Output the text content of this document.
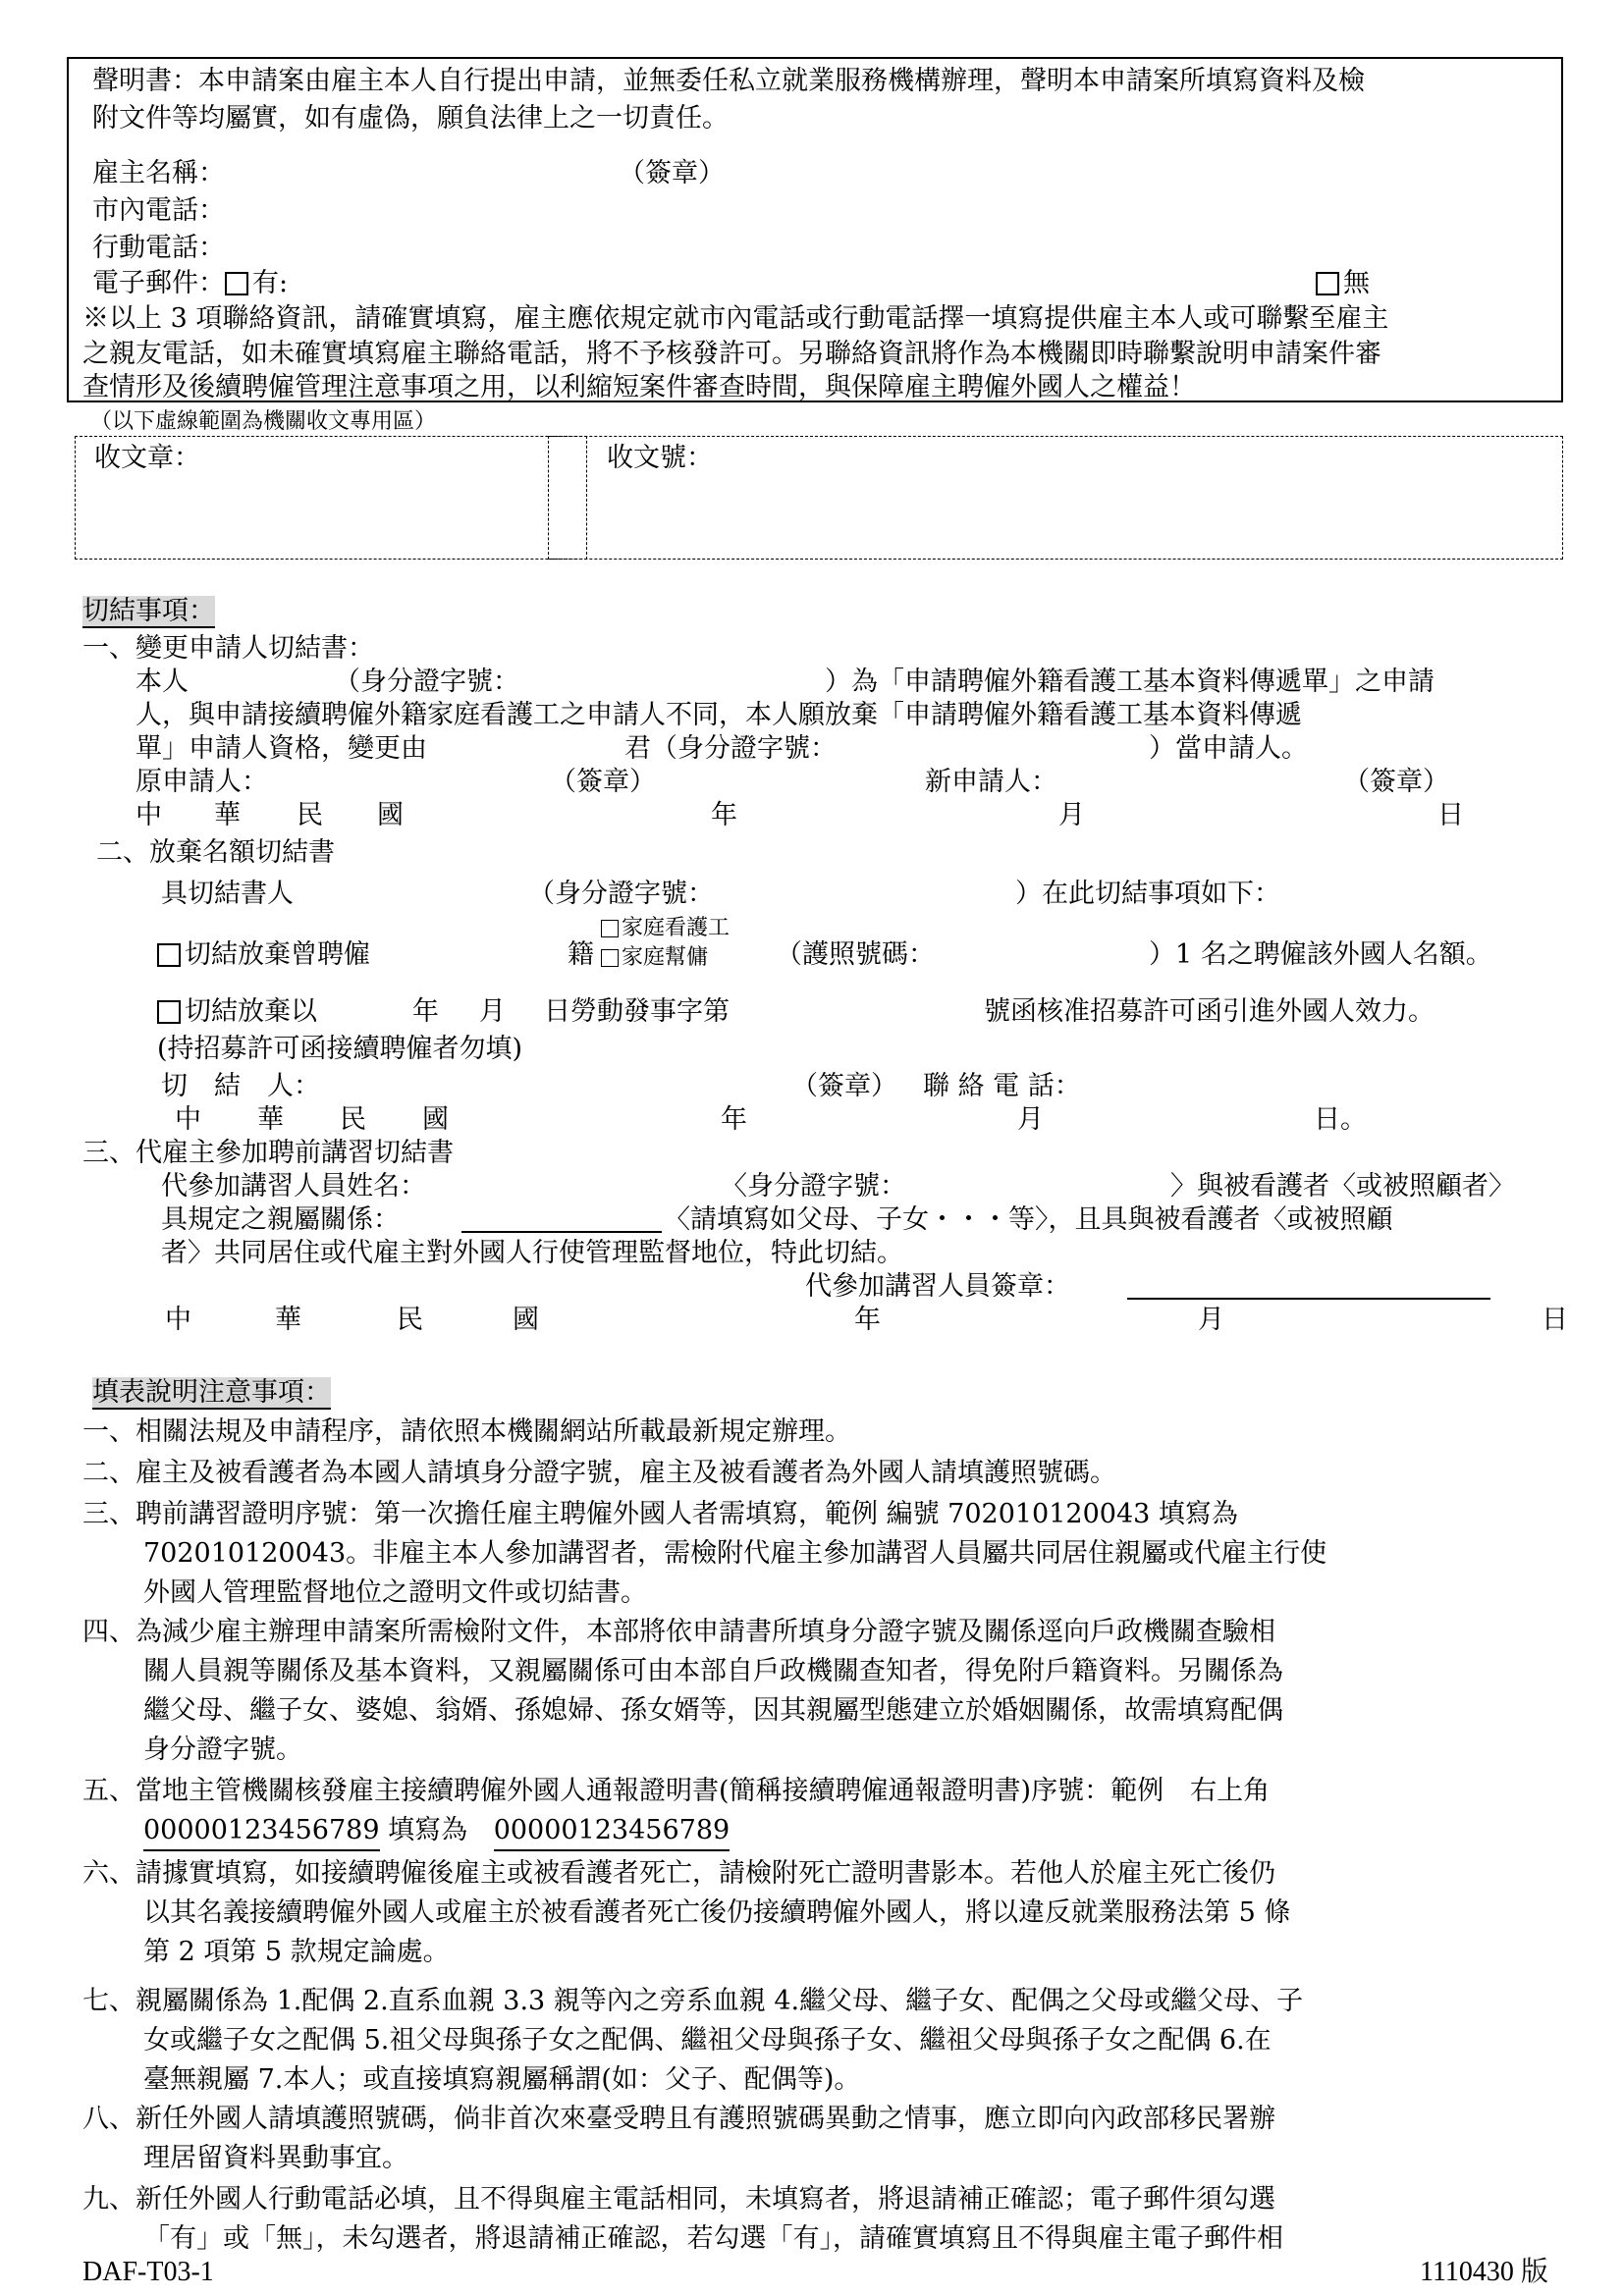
聲明書：本申請案由雇主本人自行提出申請，並無委任私立就業服務機構辦理，聲明本申請案所填寫資料及檢
附文件等均屬實，如有虛偽，願負法律上之一切責任。
雇主名稱：	（簽章）
市內電話：
行動電話：
電子郵件： 有:	無
※以上 3 項聯絡資訊，請確實填寫，雇主應依規定就市內電話或行動電話擇一填寫提供雇主本人或可聯繫至雇主
之親友電話，如未確實填寫雇主聯絡電話，將不予核發許可。另聯絡資訊將作為本機關即時聯繫說明申請案件審
查情形及後續聘僱管理注意事項之用，以利縮短案件審查時間，與保障雇主聘僱外國人之權益！
（以下虛線範圍為機關收文專用區）
收文章：	收文號：
切結事項：
一、變更申請人切結書：
本人	（身分證字號：	）為「申請聘僱外籍看護工基本資料傳遞單」之申請
人，與申請接續聘僱外籍家庭看護工之申請人不同，本人願放棄「申請聘僱外籍看護工基本資料傳遞
單」申請人資格，變更由	君（身分證字號：	）當申請人。
原申請人：	（簽章）	新申請人：	（簽章）
中 華 民 國	年	月	日
二、放棄名額切結書
具切結書人	（身分證字號：	）在此切結事項如下：
切結放棄曾聘僱	籍
家庭看護工
家庭幫傭	（護照號碼：	）1 名之聘僱該外國人名額。
切結放棄以	年 月 日勞動發事字第	號函核准招募許可函引進外國人效力。
(持招募許可函接續聘僱者勿填)
切　結　人：	（簽章） 聯 絡 電 話：
中 華 民 國	年	月	日。
三、代雇主參加聘前講習切結書
代參加講習人員姓名：	〈身分證字號：	〉與被看護者〈或被照顧者〉
具規定之親屬關係：	〈請填寫如父母、子女・・・等〉，且具與被看護者〈或被照顧
者〉共同居住或代雇主對外國人行使管理監督地位，特此切結。
代參加講習人員簽章：
中	華	民	國	年	月	日
填表說明注意事項：
一、相關法規及申請程序，請依照本機關網站所載最新規定辦理。
二、雇主及被看護者為本國人請填身分證字號，雇主及被看護者為外國人請填護照號碼。
三、聘前講習證明序號：第一次擔任雇主聘僱外國人者需填寫，範例 編號 702010120043 填寫為
702010120043。非雇主本人參加講習者，需檢附代雇主參加講習人員屬共同居住親屬或代雇主行使
外國人管理監督地位之證明文件或切結書。
四、為減少雇主辦理申請案所需檢附文件，本部將依申請書所填身分證字號及關係逕向戶政機關查驗相
關人員親等關係及基本資料，又親屬關係可由本部自戶政機關查知者，得免附戶籍資料。另關係為
繼父母、繼子女、婆媳、翁婿、孫媳婦、孫女婿等，因其親屬型態建立於婚姻關係，故需填寫配偶
身分證字號。
五、當地主管機關核發雇主接續聘僱外國人通報證明書(簡稱接續聘僱通報證明書)序號：範例　右上角
00000123456789 填寫為 00000123456789
六、請據實填寫，如接續聘僱後雇主或被看護者死亡，請檢附死亡證明書影本。若他人於雇主死亡後仍
以其名義接續聘僱外國人或雇主於被看護者死亡後仍接續聘僱外國人，將以違反就業服務法第 5 條
第 2 項第 5 款規定論處。
七、親屬關係為 1.配偶 2.直系血親 3.3 親等內之旁系血親 4.繼父母、繼子女、配偶之父母或繼父母、子
女或繼子女之配偶 5.祖父母與孫子女之配偶、繼祖父母與孫子女、繼祖父母與孫子女之配偶 6.在
臺無親屬 7.本人；或直接填寫親屬稱謂(如：父子、配偶等)。
八、新任外國人請填護照號碼，倘非首次來臺受聘且有護照號碼異動之情事，應立即向內政部移民署辦
理居留資料異動事宜。
九、新任外國人行動電話必填，且不得與雇主電話相同，未填寫者，將退請補正確認；電子郵件須勾選
「有」或「無」，未勾選者，將退請補正確認，若勾選「有」，請確實填寫且不得與雇主電子郵件相
DAF-T03-1	1110430 版
